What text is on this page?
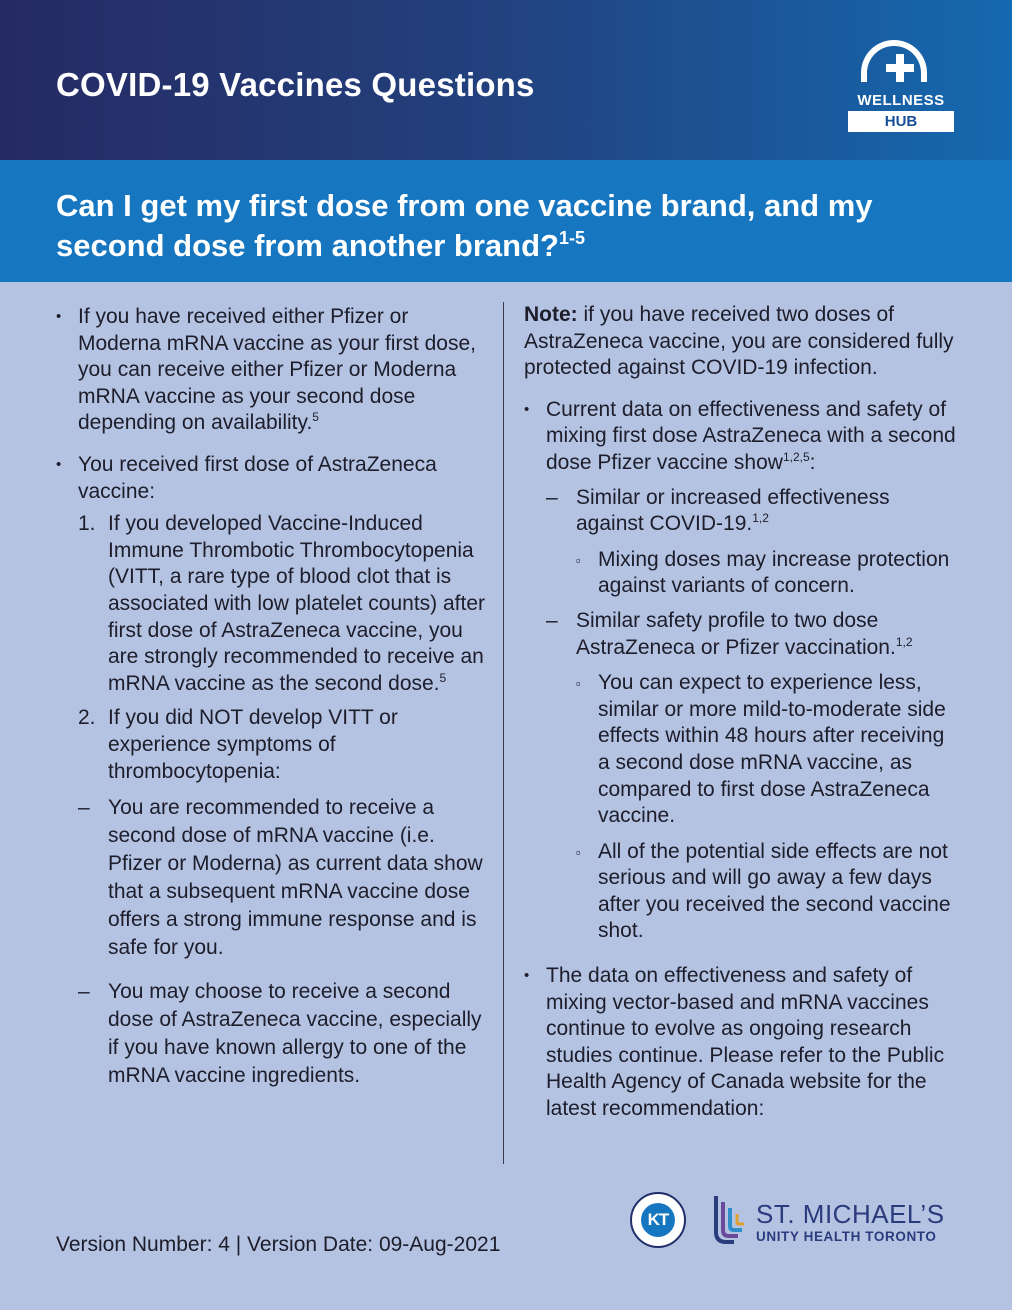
COVID-19 Vaccines Questions	WELLNESS
HUB
Can I get my first dose from one vaccine brand, and my second dose from another brand?$^{1-5}$
• If you have received either Pfizer or Moderna mRNA vaccine as your first dose, you can receive either Pfizer or Moderna mRNA vaccine as your second dose depending on availability.$^5$
• You received first dose of AstraZeneca vaccine:
1. If you developed Vaccine-Induced Immune Thrombotic Thrombocytopenia (VITT, a rare type of blood clot that is associated with low platelet counts) after first dose of AstraZeneca vaccine, you are strongly recommended to receive an mRNA vaccine as the second dose.$^5$
2. If you did NOT develop VITT or experience symptoms of thrombocytopenia:
– You are recommended to receive a second dose of mRNA vaccine (i.e. Pfizer or Moderna) as current data show that a subsequent mRNA vaccine dose offers a strong immune response and is safe for you.
– You may choose to receive a second dose of AstraZeneca vaccine, especially if you have known allergy to one of the mRNA vaccine ingredients.

Note: if you have received two doses of AstraZeneca vaccine, you are considered fully protected against COVID-19 infection.

• Current data on effectiveness and safety of mixing first dose AstraZeneca with a second dose Pfizer vaccine show$^{1,2,5}$:
– Similar or increased effectiveness against COVID-19.$^{1,2}$
▫ Mixing doses may increase protection against variants of concern.
– Similar safety profile to two dose AstraZeneca or Pfizer vaccination.$^{1,2}$
▫ You can expect to experience less, similar or more mild-to-moderate side effects within 48 hours after receiving a second dose mRNA vaccine, as compared to first dose AstraZeneca vaccine.
▫ All of the potential side effects are not serious and will go away a few days after you received the second vaccine shot.
• The data on effectiveness and safety of mixing vector-based and mRNA vaccines continue to evolve as ongoing research studies continue. Please refer to the Public Health Agency of Canada website for the latest recommendation:
Version Number: 4 | Version Date: 09-Aug-2021
KT	ST. MICHAEL’S
UNITY HEALTH TORONTO
